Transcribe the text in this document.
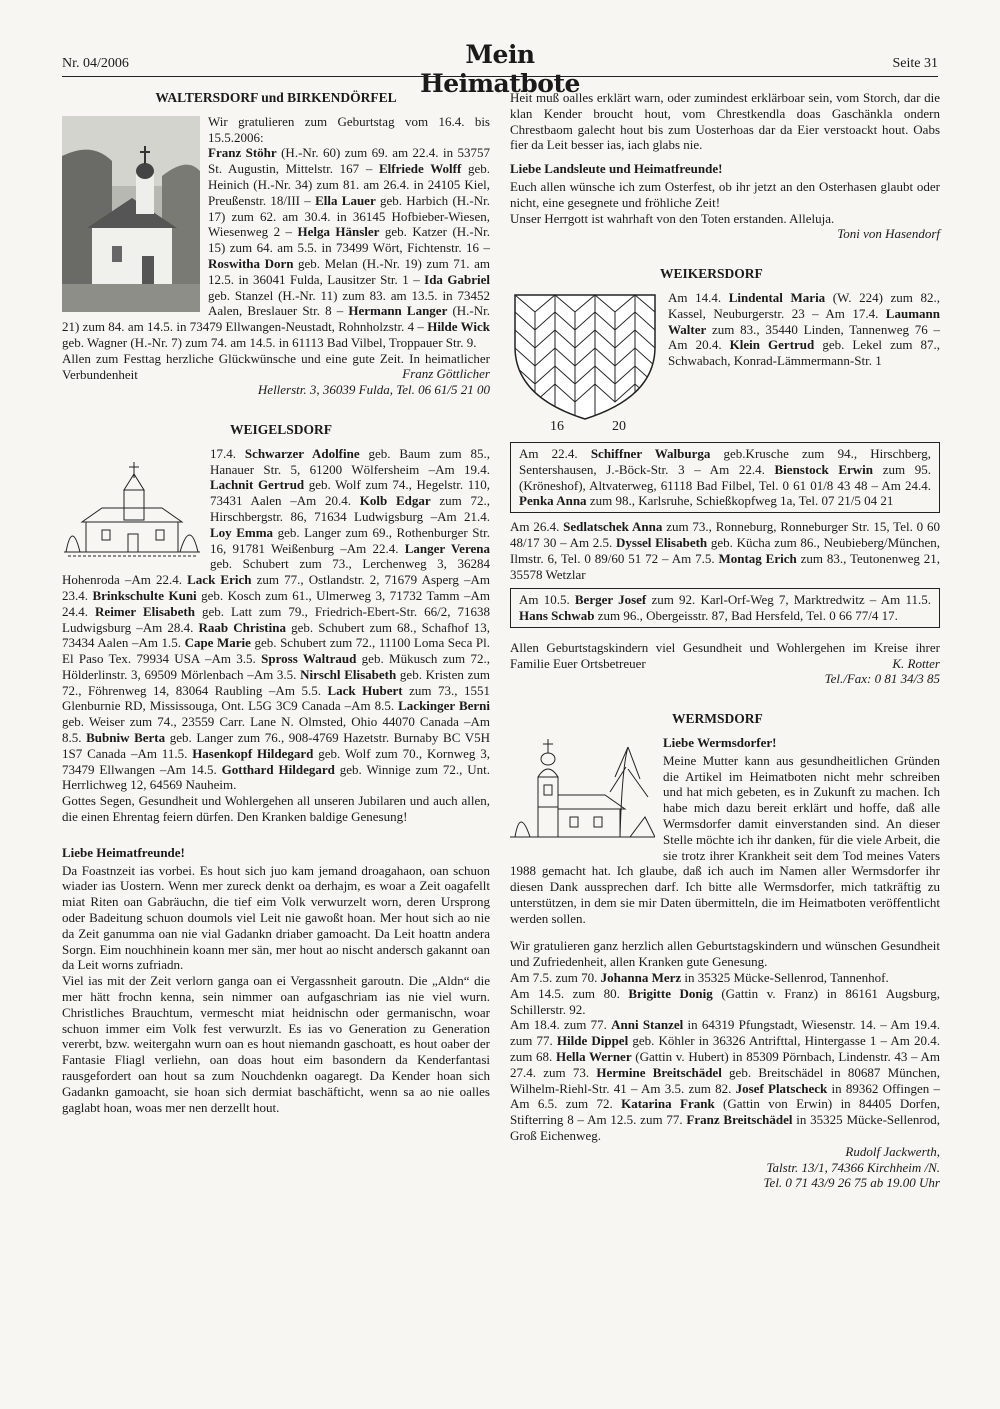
Nr. 04/2006	Mein Heimatbote
Seite 31
WALTERSDORF und BIRKENDÖRFEL

Wir gratulieren zum Geburtstag vom 16.4. bis 15.5.2006:

Franz Stöhr (H.-Nr. 60) zum 69. am 22.4. in 53757 St. Augustin, Mittelstr. 167 – Elfriede Wolff geb. Heinich (H.-Nr. 34) zum 81. am 26.4. in 24105 Kiel, Preußenstr. 18/III – Ella Lauer geb. Harbich (H.-Nr. 17) zum 62. am 30.4. in 36145 Hofbieber-Wiesen, Wiesenweg 2 – Helga Hänsler geb. Katzer (H.-Nr. 15) zum 64. am 5.5. in 73499 Wört, Fichtenstr. 16 – Roswitha Dorn geb. Melan (H.-Nr. 19) zum 71. am 12.5. in 36041 Fulda, Lausitzer Str. 1 – Ida Gabriel geb. Stanzel (H.-Nr. 11) zum 83. am 13.5. in 73452 Aalen, Breslauer Str. 8 – Hermann Langer (H.-Nr. 21) zum 84. am 14.5. in 73479 Ellwangen-Neustadt, Rohnholzstr. 4 – Hilde Wick geb. Wagner (H.-Nr. 7) zum 74. am 14.5. in 61113 Bad Vilbel, Troppauer Str. 9.

Allen zum Festtag herzliche Glückwünsche und eine gute Zeit. In heimatlicher Verbundenheit	Franz Göttlicher

Hellerstr. 3, 36039 Fulda, Tel. 06 61/5 21 00

WEIGELSDORF

17.4. Schwarzer Adolfine geb. Baum zum 85., Hanauer Str. 5, 61200 Wölfersheim –Am 19.4. Lachnit Gertrud geb. Wolf zum 74., Hegelstr. 110, 73431 Aalen –Am 20.4. Kolb Edgar zum 72., Hirschbergstr. 86, 71634 Ludwigsburg –Am 21.4. Loy Emma geb. Langer zum 69., Rothenburger Str. 16, 91781 Weißenburg –Am 22.4. Langer Verena geb. Schubert zum 73., Lerchenweg 3, 36284 Hohenroda –Am 22.4. Lack Erich zum 77., Ostlandstr. 2, 71679 Asperg –Am 23.4. Brinkschulte Kuni geb. Kosch zum 61., Ulmerweg 3, 71732 Tamm –Am 24.4. Reimer Elisabeth geb. Latt zum 79., Friedrich-Ebert-Str. 66/2, 71638 Ludwigsburg –Am 28.4. Raab Christina geb. Schubert zum 68., Schafhof 13, 73434 Aalen –Am 1.5. Cape Marie geb. Schubert zum 72., 11100 Loma Seca Pl. El Paso Tex. 79934 USA –Am 3.5. Spross Waltraud geb. Mükusch zum 72., Hölderlinstr. 3, 69509 Mörlenbach –Am 3.5. Nirschl Elisabeth geb. Kristen zum 72., Föhrenweg 14, 83064 Raubling –Am 5.5. Lack Hubert zum 73., 1551 Glenburnie RD, Mississouga, Ont. L5G 3C9 Canada –Am 8.5. Lackinger Berni geb. Weiser zum 74., 23559 Carr. Lane N. Olmsted, Ohio 44070 Canada –Am 8.5. Bubniw Berta geb. Langer zum 76., 908-4769 Hazetstr. Burnaby BC V5H 1S7 Canada –Am 11.5. Hasenkopf Hildegard geb. Wolf zum 70., Kornweg 3, 73479 Ellwangen –Am 14.5. Gotthard Hildegard geb. Winnige zum 72., Unt. Herrlichweg 12, 64569 Nauheim.

Gottes Segen, Gesundheit und Wohlergehen all unseren Jubilaren und auch allen, die einen Ehrentag feiern dürfen. Den Kranken baldige Genesung!

Liebe Heimatfreunde!

Da Foastnzeit ias vorbei. Es hout sich juo kam jemand droagahaon, oan schuon wiader ias Uostern. Wenn mer zureck denkt oa derhajm, es woar a Zeit oagafellt miat Riten oan Gabräuchn, die tief eim Volk verwurzelt worn, deren Ursprong oder Badeitung schuon doumols viel Leit nie gawoßt hoan. Mer hout sich ao nie da Zeit ganumma oan nie vial Gadankn driaber gamoacht. Da Leit hoattn andera Sorgn. Eim nouchhinein koann mer sän, mer hout ao nischt andersch gakannt oan da Leit worns zufriadn.

Viel ias mit der Zeit verlorn ganga oan ei Vergassnheit garoutn. Die „Aldn“ die mer hätt frochn kenna, sein nimmer oan aufgaschriam ias nie viel wurn. Christliches Brauchtum, vermescht miat heidnischn oder germanischn, woar schuon immer eim Volk fest verwurzlt. Es ias vo Generation zu Generation vererbt, bzw. weitergahn wurn oan es hout niemandn gaschoatt, es hout oaber der Fantasie Fliagl verliehn, oan doas hout eim basondern da Kenderfantasi rausgefordert oan hout sa zum Nouchdenkn oagaregt. Da Kender hoan sich Gadankn gamoacht, sie hoan sich dermiat baschäfticht, wenn sa ao nie oalles gaglabt hoan, woas mer nen derzellt hout.

Heit muß oalles erklärt warn, oder zumindest erklärboar sein, vom Storch, dar die klan Kender broucht hout, vom Chrestkendla doas Gaschänkla ondern Chrestbaom galecht hout bis zum Uosterhoas dar da Eier verstoackt hout. Oabs fier da Leit besser ias, iach glabs nie.

Liebe Landsleute und Heimatfreunde!

Euch allen wünsche ich zum Osterfest, ob ihr jetzt an den Osterhasen glaubt oder nicht, eine gesegnete und fröhliche Zeit!

Unser Herrgott ist wahrhaft von den Toten erstanden. Alleluja.

Toni von Hasendorf

WEIKERSDORF
16	20

Am 14.4. Lindental Maria (W. 224) zum 82., Kassel, Neuburgerstr. 23 – Am 17.4. Laumann Walter zum 83., 35440 Linden, Tannenweg 76 – Am 20.4. Klein Gertrud geb. Lekel zum 87., Schwabach, Konrad-Lämmermann-Str. 1

Am 22.4. Schiffner Walburga geb.Krusche zum 94., Hirschberg, Sentershausen, J.-Böck-Str. 3 – Am 22.4. Bienstock Erwin zum 95. (Kröneshof), Altvaterweg, 61118 Bad Filbel, Tel. 0 61 01/8 43 48 – Am 24.4. Penka Anna zum 98., Karlsruhe, Schießkopfweg 1a, Tel. 07 21/5 04 21

Am 26.4. Sedlatschek Anna zum 73., Ronneburg, Ronneburger Str. 15, Tel. 0 60 48/17 30 – Am 2.5. Dyssel Elisabeth geb. Kücha zum 86., Neubieberg/München, Ilmstr. 6, Tel. 0 89/60 51 72 – Am 7.5. Montag Erich zum 83., Teutonenweg 21, 35578 Wetzlar

Am 10.5. Berger Josef zum 92. Karl-Orf-Weg 7, Marktredwitz – Am 11.5. Hans Schwab zum 96., Obergeisstr. 87, Bad Hersfeld, Tel. 0 66 77/4 17.

Allen Geburtstagskindern viel Gesundheit und Wohlergehen im Kreise ihrer Familie Euer Ortsbetreuer	K. Rotter

Tel./Fax: 0 81 34/3 85

WERMSDORF
Liebe Wermsdorfer!

Meine Mutter kann aus gesundheitlichen Gründen die Artikel im Heimatboten nicht mehr schreiben und hat mich gebeten, es in Zukunft zu machen. Ich habe mich dazu bereit erklärt und hoffe, daß alle Wermsdorfer damit einverstanden sind. An dieser Stelle möchte ich ihr danken, für die viele Arbeit, die sie trotz ihrer Krankheit seit dem Tod meines Vaters 1988 gemacht hat. Ich glaube, daß ich auch im Namen aller Wermsdorfer ihr diesen Dank aussprechen darf. Ich bitte alle Wermsdorfer, mich tatkräftig zu unterstützen, in dem sie mir Daten übermitteln, die im Heimatboten veröffentlicht werden sollen.

Wir gratulieren ganz herzlich allen Geburtstagskindern und wünschen Gesundheit und Zufriedenheit, allen Kranken gute Genesung.

Am 7.5. zum 70. Johanna Merz in 35325 Mücke-Sellenrod, Tannenhof.

Am 14.5. zum 80. Brigitte Donig (Gattin v. Franz) in 86161 Augsburg, Schillerstr. 92.

Am 18.4. zum 77. Anni Stanzel in 64319 Pfungstadt, Wiesenstr. 14. – Am 19.4. zum 77. Hilde Dippel geb. Köhler in 36326 Antrifttal, Hintergasse 1 – Am 20.4. zum 68. Hella Werner (Gattin v. Hubert) in 85309 Pörnbach, Lindenstr. 43 – Am 27.4. zum 73. Hermine Breitschädel geb. Breitschädel in 80687 München, Wilhelm-Riehl-Str. 41 – Am 3.5. zum 82. Josef Platscheck in 89362 Offingen – Am 6.5. zum 72. Katarina Frank (Gattin von Erwin) in 84405 Dorfen, Stifterring 8 – Am 12.5. zum 77. Franz Breitschädel in 35325 Mücke-Sellenrod, Groß Eichenweg.

Rudolf Jackwerth,

Talstr. 13/1, 74366 Kirchheim /N.

Tel. 0 71 43/9 26 75 ab 19.00 Uhr
